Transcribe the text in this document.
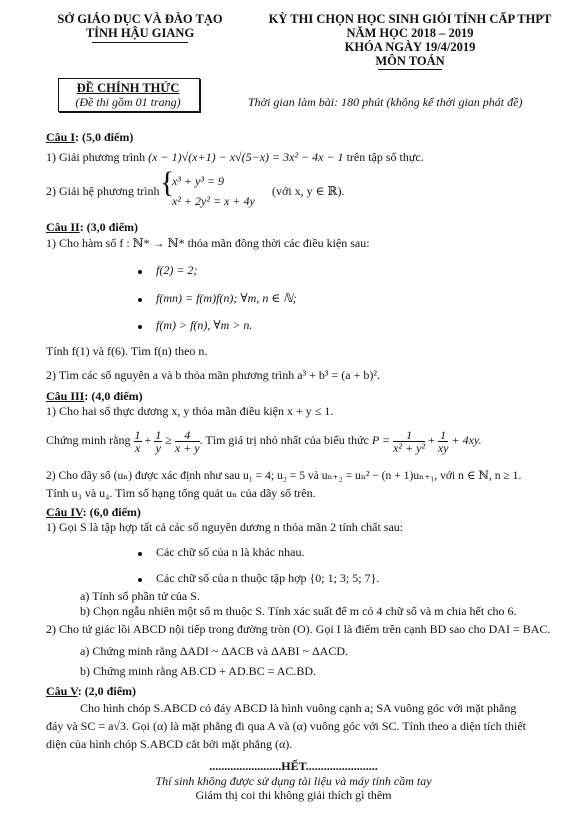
SỞ GIÁO DỤC VÀ ĐÀO TẠO
TỈNH HẬU GIANG
KỲ THI CHỌN HỌC SINH GIỎI TỈNH CẤP THPT
NĂM HỌC 2018 – 2019
KHÓA NGÀY 19/4/2019
MÔN TOÁN
ĐỀ CHÍNH THỨC
(Đề thi gồm 01 trang)	Thời gian làm bài: 180 phút (không kể thời gian phát đề)
Câu I: (5,0 điểm)
1) Giải phương trình (x − 1)√(x+1) − x√(5−x) = 3x² − 4x − 1 trên tập số thực.
2) Giải hệ phương trình {
x³ + y³ = 9
x² + 2y² = x + 4y
(với x, y ∈ ℝ).
Câu II: (3,0 điểm)
1) Cho hàm số f : ℕ* → ℕ* thỏa mãn đồng thời các điều kiện sau:
f(2) = 2;
f(mn) = f(m)f(n); ∀m, n ∈ ℕ;
f(m) > f(n), ∀m > n.
Tính f(1) và f(6). Tìm f(n) theo n.
2) Tìm các số nguyên a và b thỏa mãn phương trình a³ + b³ = (a + b)².
Câu III: (4,0 điểm)
1) Cho hai số thực dương x, y thỏa mãn điều kiện x + y ≤ 1.
Chứng minh rằng $\frac{1}{x} + \frac{1}{y} \ge \frac{4}{x + y}$ . Tìm giá trị nhỏ nhất của biểu thức $P = \frac{1}{\text{x² + y²}} + \frac{1}{xy} + 4xy$.
2) Cho dãy số (uₙ) được xác định như sau u₁ = 4; u₂ = 5 và uₙ₊₂ = uₙ² − (n + 1)uₙ₊₁, với n ∈ ℕ, n ≥ 1.
Tính u₃ và u₄. Tìm số hạng tổng quát uₙ của dãy số trên.
Câu IV: (6,0 điểm)
1) Gọi S là tập hợp tất cả các số nguyên dương n thỏa mãn 2 tính chất sau:
Các chữ số của n là khác nhau.
Các chữ số của n thuộc tập hợp {0; 1; 3; 5; 7}.
a) Tính số phần tử của S.
b) Chọn ngẫu nhiên một số m thuộc S. Tính xác suất để m có 4 chữ số và m chia hết cho 6.
2) Cho tứ giác lồi ABCD nội tiếp trong đường tròn (O). Gọi I là điểm trên cạnh BD sao cho DAI = BAC.
a) Chứng minh rằng ΔADI ~ ΔACB và ΔABI ~ ΔACD.
b) Chứng minh rằng AB.CD + AD.BC = AC.BD.
Câu V: (2,0 điểm)
Cho hình chóp S.ABCD có đáy ABCD là hình vuông cạnh a; SA vuông góc với mặt phẳng
đáy và SC = a√3. Gọi (α) là mặt phẳng đi qua A và (α) vuông góc với SC. Tính theo a diện tích thiết
diện của hình chóp S.ABCD cắt bởi mặt phẳng (α).
........................HẾT........................
Thí sinh không được sử dụng tài liệu và máy tính cầm tay
Giám thị coi thi không giải thích gì thêm
